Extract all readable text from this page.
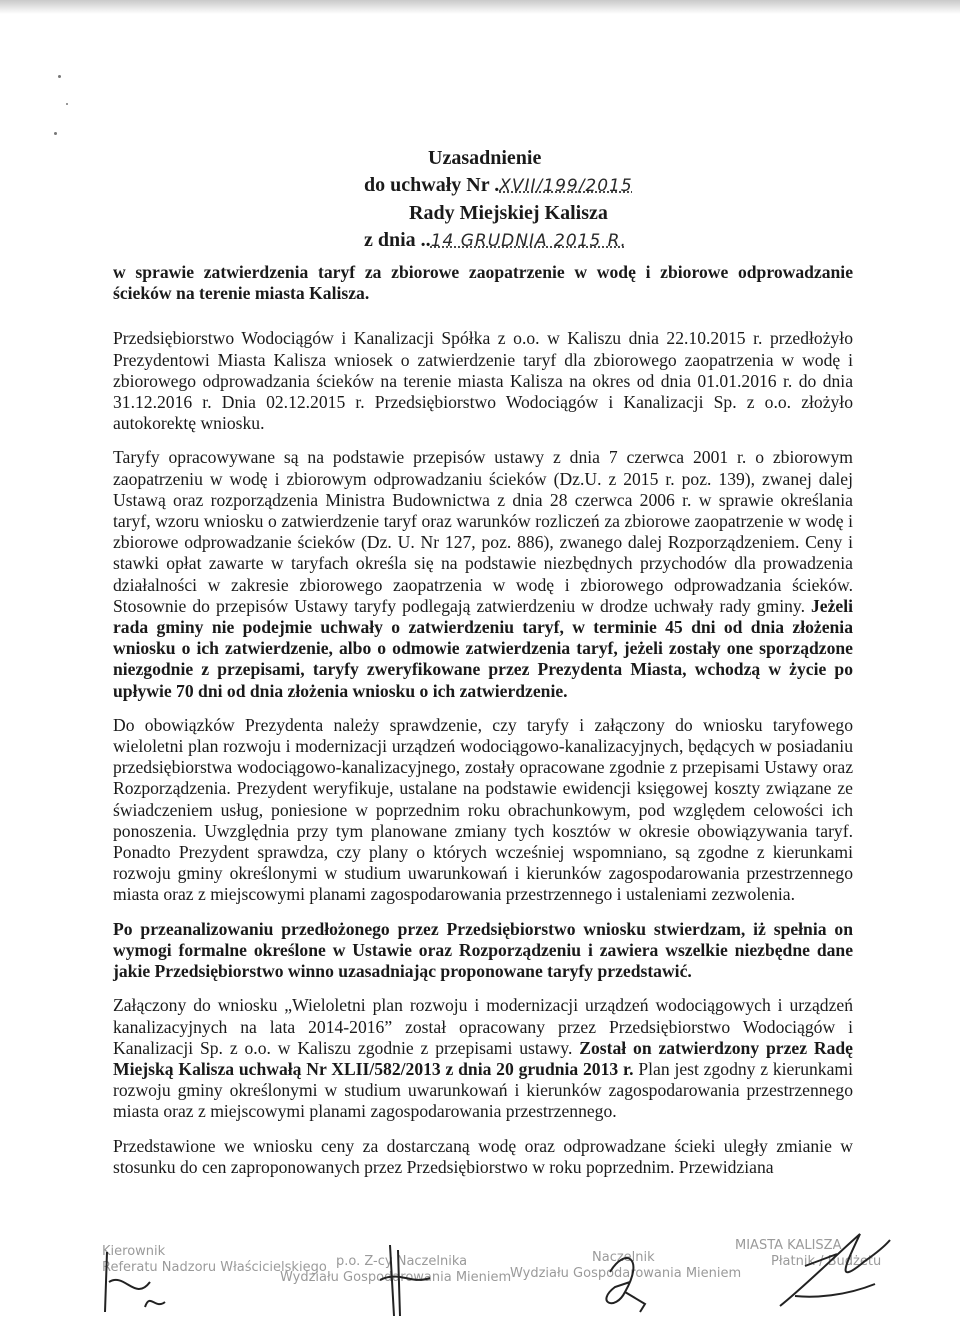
Uzasadnienie
do uchwały Nr .XVII/199/2015
Rady Miejskiej Kalisza
z dnia ..14 GRUDNIA 2015 R.

w sprawie zatwierdzenia taryf za zbiorowe zaopatrzenie w wodę i zbiorowe odprowadzanie ścieków na terenie miasta Kalisza.

Przedsiębiorstwo Wodociągów i Kanalizacji Spółka z o.o. w Kaliszu dnia 22.10.2015 r. przedłożyło Prezydentowi Miasta Kalisza wniosek o zatwierdzenie taryf dla zbiorowego zaopatrzenia w wodę i zbiorowego odprowadzania ścieków na terenie miasta Kalisza na okres od dnia 01.01.2016 r. do dnia 31.12.2016 r. Dnia 02.12.2015 r. Przedsiębiorstwo Wodociągów i Kanalizacji Sp. z o.o. złożyło autokorektę wniosku.

Taryfy opracowywane są na podstawie przepisów ustawy z dnia 7 czerwca 2001 r. o zbiorowym zaopatrzeniu w wodę i zbiorowym odprowadzaniu ścieków (Dz.U. z 2015 r. poz. 139), zwanej dalej Ustawą oraz rozporządzenia Ministra Budownictwa z dnia 28 czerwca 2006 r. w sprawie określania taryf, wzoru wniosku o zatwierdzenie taryf oraz warunków rozliczeń za zbiorowe zaopatrzenie w wodę i zbiorowe odprowadzanie ścieków (Dz. U. Nr 127, poz. 886), zwanego dalej Rozporządzeniem. Ceny i stawki opłat zawarte w taryfach określa się na podstawie niezbędnych przychodów dla prowadzenia działalności w zakresie zbiorowego zaopatrzenia w wodę i zbiorowego odprowadzania ścieków. Stosownie do przepisów Ustawy taryfy podlegają zatwierdzeniu w drodze uchwały rady gminy. Jeżeli rada gminy nie podejmie uchwały o zatwierdzeniu taryf, w terminie 45 dni od dnia złożenia wniosku o ich zatwierdzenie, albo o odmowie zatwierdzenia taryf, jeżeli zostały one sporządzone niezgodnie z przepisami, taryfy zweryfikowane przez Prezydenta Miasta, wchodzą w życie po upływie 70 dni od dnia złożenia wniosku o ich zatwierdzenie.

Do obowiązków Prezydenta należy sprawdzenie, czy taryfy i załączony do wniosku taryfowego wieloletni plan rozwoju i modernizacji urządzeń wodociągowo-kanalizacyjnych, będących w posiadaniu przedsiębiorstwa wodociągowo-kanalizacyjnego, zostały opracowane zgodnie z przepisami Ustawy oraz Rozporządzenia. Prezydent weryfikuje, ustalane na podstawie ewidencji księgowej koszty związane ze świadczeniem usług, poniesione w poprzednim roku obrachunkowym, pod względem celowości ich ponoszenia. Uwzględnia przy tym planowane zmiany tych kosztów w okresie obowiązywania taryf. Ponadto Prezydent sprawdza, czy plany o których wcześniej wspomniano, są zgodne z kierunkami rozwoju gminy określonymi w studium uwarunkowań i kierunków zagospodarowania przestrzennego miasta oraz z miejscowymi planami zagospodarowania przestrzennego i ustaleniami zezwolenia.

Po przeanalizowaniu przedłożonego przez Przedsiębiorstwo wniosku stwierdzam, iż spełnia on wymogi formalne określone w Ustawie oraz Rozporządzeniu i zawiera wszelkie niezbędne dane jakie Przedsiębiorstwo winno uzasadniając proponowane taryfy przedstawić.

Załączony do wniosku „Wieloletni plan rozwoju i modernizacji urządzeń wodociągowych i urządzeń kanalizacyjnych na lata 2014-2016” został opracowany przez Przedsiębiorstwo Wodociągów i Kanalizacji Sp. z o.o. w Kaliszu zgodnie z przepisami ustawy. Został on zatwierdzony przez Radę Miejską Kalisza uchwałą Nr XLII/582/2013 z dnia 20 grudnia 2013 r. Plan jest zgodny z kierunkami rozwoju gminy określonymi w studium uwarunkowań i kierunków zagospodarowania przestrzennego miasta oraz z miejscowymi planami zagospodarowania przestrzennego.

Przedstawione we wniosku ceny za dostarczaną wodę oraz odprowadzane ścieki uległy zmianie w stosunku do cen zaproponowanych przez Przedsiębiorstwo w roku poprzednim. Przewidziana

Kierownik
Referatu Nadzoru Właścicielskiego p.o. Z-cy Naczelnika
Wydziału Gospodarowania Mieniem
Naczelnik
Wydziału Gospodarowania Mieniem
MIASTA KALISZA
Płatnik / Budżetu
